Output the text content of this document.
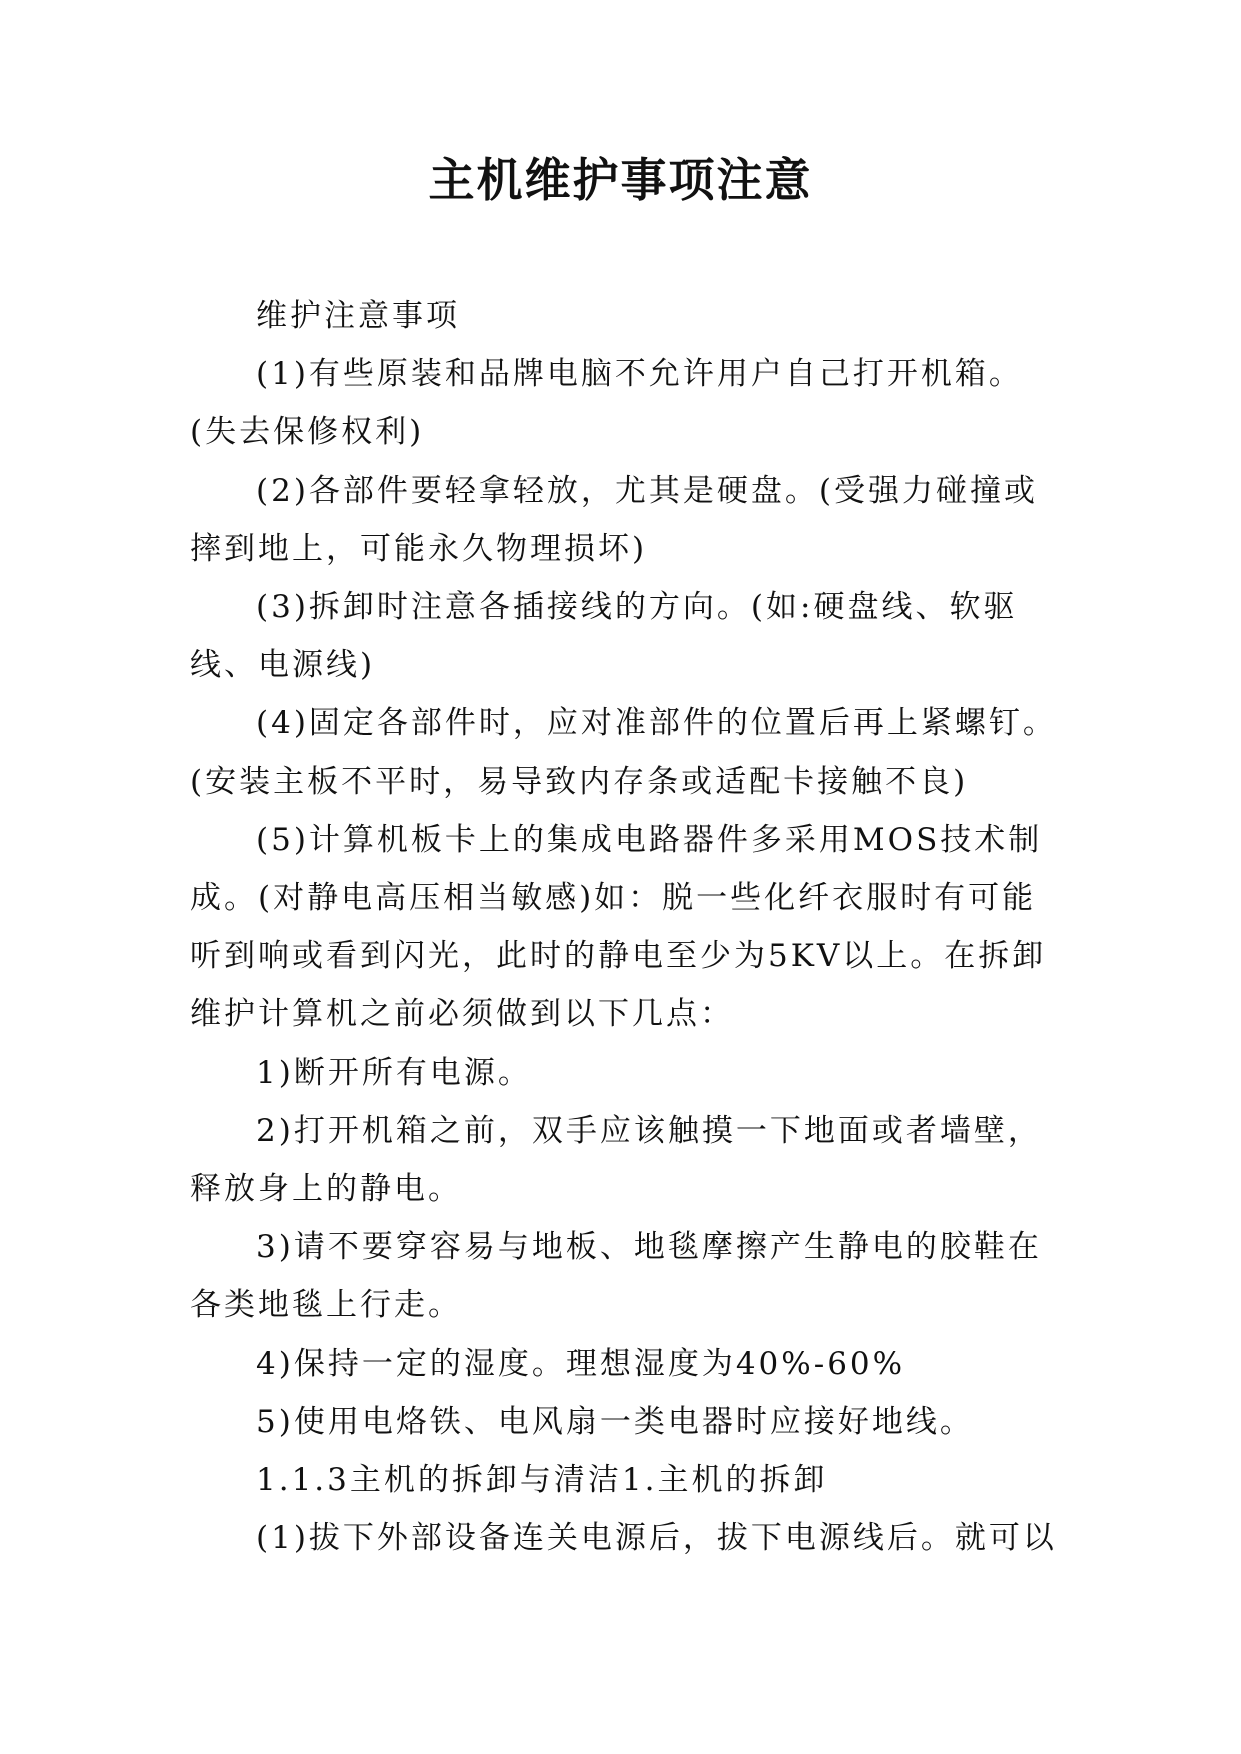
主机维护事项注意

维护注意事项

(1)有些原装和品牌电脑不允许用户自己打开机箱。(失去保修权利)

(2)各部件要轻拿轻放，尤其是硬盘。(受强力碰撞或摔到地上，可能永久物理损坏)

(3)拆卸时注意各插接线的方向。(如:硬盘线、软驱线、电源线)

(4)固定各部件时，应对准部件的位置后再上紧螺钉。(安装主板不平时，易导致内存条或适配卡接触不良)

(5)计算机板卡上的集成电路器件多采用MOS技术制成。(对静电高压相当敏感)如：脱一些化纤衣服时有可能听到响或看到闪光，此时的静电至少为5KV以上。在拆卸维护计算机之前必须做到以下几点：

1)断开所有电源。

2)打开机箱之前，双手应该触摸一下地面或者墙壁，释放身上的静电。

3)请不要穿容易与地板、地毯摩擦产生静电的胶鞋在各类地毯上行走。

4)保持一定的湿度。理想湿度为40%-60%

5)使用电烙铁、电风扇一类电器时应接好地线。

1.1.3主机的拆卸与清洁1.主机的拆卸

(1)拔下外部设备连关电源后，拔下电源线后。就可以
